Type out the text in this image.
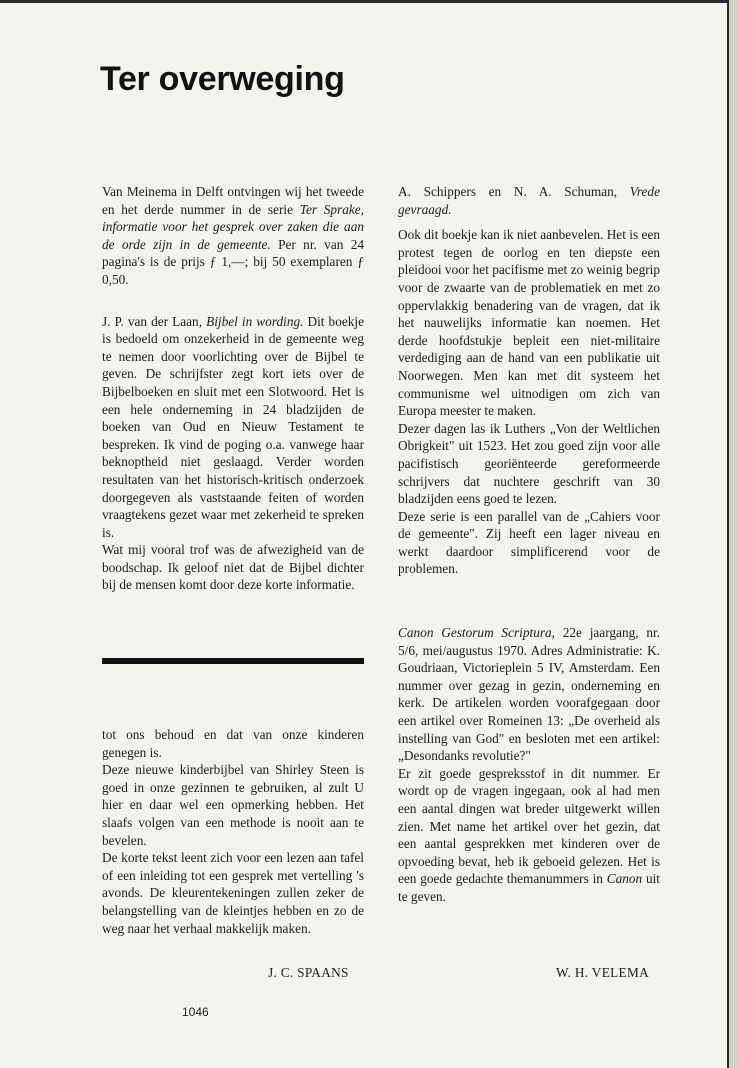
Ter overweging

Van Meinema in Delft ontvingen wij het tweede en het derde nummer in de serie Ter Sprake, informatie voor het gesprek over zaken die aan de orde zijn in de gemeente. Per nr. van 24 pagina's is de prijs ƒ 1,—; bij 50 exemplaren ƒ 0,50.

J. P. van der Laan, Bijbel in wording. Dit boekje is bedoeld om onzekerheid in de gemeente weg te nemen door voorlichting over de Bijbel te geven. De schrijfster zegt kort iets over de Bijbelboeken en sluit met een Slotwoord. Het is een hele onderneming in 24 bladzijden de boeken van Oud en Nieuw Testament te bespreken. Ik vind de poging o.a. vanwege haar beknoptheid niet geslaagd. Verder worden resultaten van het historisch-kritisch onderzoek doorgegeven als vaststaande feiten of worden vraagtekens gezet waar met zekerheid te spreken is.

Wat mij vooral trof was de afwezigheid van de boodschap. Ik geloof niet dat de Bijbel dichter bij de mensen komt door deze korte informatie.

tot ons behoud en dat van onze kinderen genegen is.

Deze nieuwe kinderbijbel van Shirley Steen is goed in onze gezinnen te gebruiken, al zult U hier en daar wel een opmerking hebben. Het slaafs volgen van een methode is nooit aan te bevelen.

De korte tekst leent zich voor een lezen aan tafel of een inleiding tot een gesprek met vertelling 's avonds. De kleurentekeningen zullen zeker de belangstelling van de kleintjes hebben en zo de weg naar het verhaal makkelijk maken.

J. C. SPAANS

A. Schippers en N. A. Schuman, Vrede gevraagd.

Ook dit boekje kan ik niet aanbevelen. Het is een protest tegen de oorlog en ten diepste een pleidooi voor het pacifisme met zo weinig begrip voor de zwaarte van de problematiek en met zo oppervlakkig benadering van de vragen, dat ik het nauwelijks informatie kan noemen. Het derde hoofdstukje bepleit een niet-militaire verdediging aan de hand van een publikatie uit Noorwegen. Men kan met dit systeem het communisme wel uitnodigen om zich van Europa meester te maken.

Dezer dagen las ik Luthers „Von der Weltlichen Obrigkeit" uit 1523. Het zou goed zijn voor alle pacifistisch georiënteerde gereformeerde schrijvers dat nuchtere geschrift van 30 bladzijden eens goed te lezen.

Deze serie is een parallel van de „Cahiers voor de gemeente". Zij heeft een lager niveau en werkt daardoor simplificerend voor de problemen.

Canon Gestorum Scriptura, 22e jaargang, nr. 5/6, mei/augustus 1970. Adres Administratie: K. Goudriaan, Victorieplein 5 IV, Amsterdam. Een nummer over gezag in gezin, onderneming en kerk. De artikelen worden voorafgegaan door een artikel over Romeinen 13: „De overheid als instelling van God" en besloten met een artikel: „Desondanks revolutie?"

Er zit goede gespreksstof in dit nummer. Er wordt op de vragen ingegaan, ook al had men een aantal dingen wat breder uitgewerkt willen zien. Met name het artikel over het gezin, dat een aantal gesprekken met kinderen over de opvoeding bevat, heb ik geboeid gelezen. Het is een goede gedachte themanummers in Canon uit te geven.

W. H. VELEMA
1046
